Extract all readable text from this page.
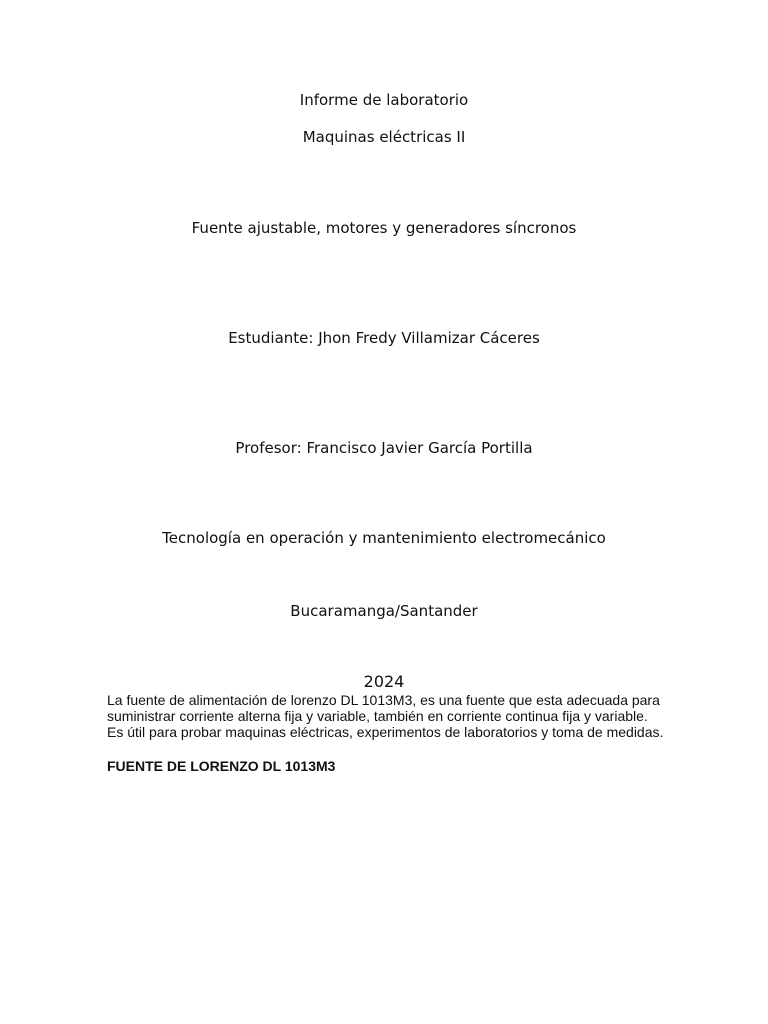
Informe de laboratorio
Maquinas eléctricas II
Fuente ajustable, motores y generadores síncronos
Estudiante: Jhon Fredy Villamizar Cáceres
Profesor: Francisco Javier García Portilla
Tecnología en operación y mantenimiento electromecánico
Bucaramanga/Santander
2024

La fuente de alimentación de lorenzo DL 1013M3, es una fuente que esta adecuada para suministrar corriente alterna fija y variable, también en corriente continua fija y variable. Es útil para probar maquinas eléctricas, experimentos de laboratorios y toma de medidas.

FUENTE DE LORENZO DL 1013M3
